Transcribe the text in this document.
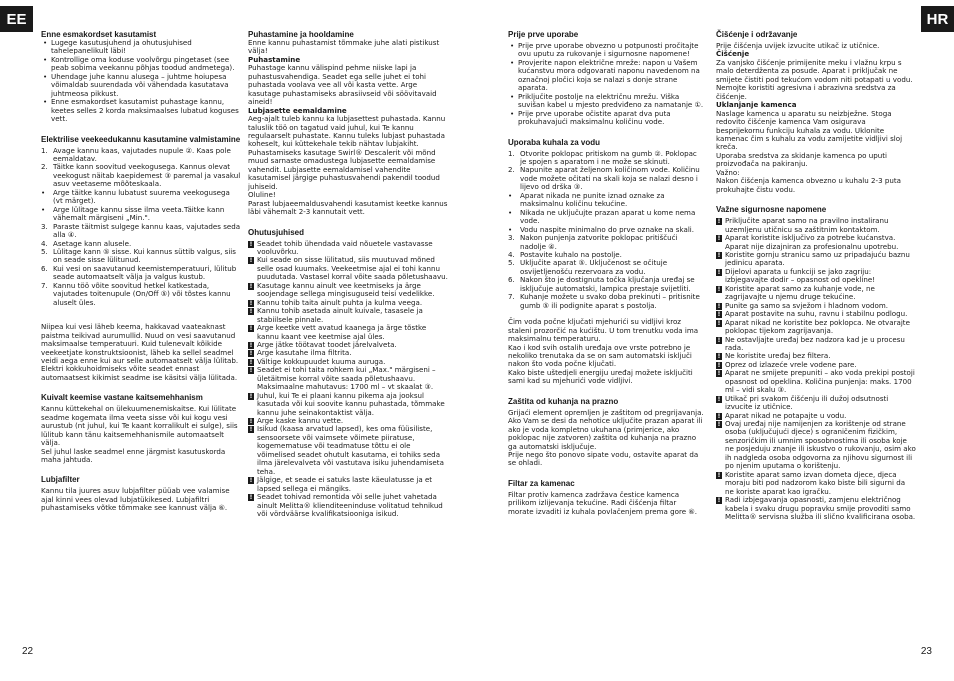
EE	HR
Enne esmakordset kasutamist
• Lugege kasutusjuhend ja ohutusjuhised tahelepanelikult läbi!
• Kontrollige oma koduse voolvõrgu pingetaset (see peab sobima veekannu põhjas toodud andmetega).
• Uhendage juhe kannu alusega – juhtme hoiupesa võimaldab suurendada või vähendada kasutatava juhtmeosa pikkust.
• Enne esmakordset kasutamist puhastage kannu, keetes selles 2 korda maksimaalses lubatud koguses vett.
Elektrilise veekeedukannu kasutamine valmistamine
1. Avage kannu kaas, vajutades nupule ②. Kaas pole eemaldatav.
2. Täitke kann soovitud veekogusega. Kannus olevat veekogust näitab kaepidemest ③ paremal ja vasakul asuv veetaseme mõõteskaala.
• Arge täitke kannu lubatust suurema veekogusega (vt märget).
• Arge lülitage kannu sisse ilma veeta.Täitke kann vähemalt märgiseni „Min.".
3. Paraste täitmist sulgege kannu kaas, vajutades seda alla ④.
4. Asetage kann alusele.
5. Lülitage kann ⑤ sisse. Kui kannus süttib valgus, siis on seade sisse lülitunud.
6. Kui vesi on saavutanud keemistemperatuuri, lülitub seade automaatselt välja ja valgus kustub.
7. Kannu töö võite soovitud hetkel katkestada, vajutades toitenupule (On/Off ⑤) või tõstes kannu aluselt üles.

Niipea kui vesi lähеb keema, hakkavad vaateaknast paistma teikivad aurumullid. Nuud on vesi saavutanud maksimaalse temperatuuri. Kuid tulenevalt kõikide veekeetjate konstruktsioonist, lähеb ka sellel seadmel veidi aega enne kui aur selle automaatselt välja lülitab. Elektri kokkuhoidmiseks võite seadet ennast automaatsest kikimist seadme ise käsitsi välja lülitada.

Kuivalt keemise vastane kaitsemehhanism

Kannu küttekehal on ülekuumenemiskaitse. Kui lülitate seadme kogemata ilma veeta sisse või kui kogu vesi aurustub (nt juhul, kui Te kaant korralikult ei sulge), siis lülitub kann tänu kaitsemehhanismile automaatselt välja.

Sel juhul laske seadmel enne järgmist kasutuskorda maha jahtuda.

Lubjafilter

Kannu tila juures asuv lubjafilter püüab vee valamise ajal kinni vees olevad lubjatükikesed. Lubjafiltri puhastamiseks võtke tõmmake see kannust välja ⑥.

Puhastamine ja hooldamine

Enne kannu puhastamist tõmmake juhe alati pistikust välja!

Puhastamine

Puhastage kannu välispind pehme niiske lapi ja puhastusvahendiga. Seadet ega selle juhet ei tohi puhastada voolava vee all või kasta vette. Arge kasutage puhastamiseks abrasiivseid või söövitavaid aineid!

Lubjasette eemaldamine

Aeg-ajalt tuleb kannu ka lubjasettest puhastada. Kannu taluslik töö on tagatud vaid juhul, kui Te kannu regulaarselt puhastate. Kannu tuleks lubjast puhastada koheselt, kui küttekehale tekib nähtav lubjakiht. Puhastamiseks kasutage Swirl® Descalerit või mõnd muud sarnaste omadustega lubjasette eemaldamise vahendit. Lubjasette eemaldamisel vahendite kasutamisel järgige puhastusvahendi pakendil toodud juhiseid.

Oluline!

Parast lubjaeemaldusvahendi kasutamist keetke kannus läbi vähemalt 2-3 kannutait vett.

Ohutusjuhised
! Seadet tohib ühendada vaid nõuetele vastavasse vooluvõrku.
! Kui seade on sisse lülitatud, siis muutuvad mõned selle osad kuumaks. Veekeetmise ajal ei tohi kannu puudutada. Vastasel korral võite saada põletushaavu.
! Kasutage kannu ainult vee keetmiseks ja ärge soojendage sellega mingisuguseid teisi vedelikke.
! Kannu tohib taita ainult puhta ja kulma veega.
! Kannu tohib asetada ainult kuivale, tasasele ja stabiilsele pinnale.
! Arge keetke vett avatud kaanega ja ärge tõstke kannu kaant vee keetmise ajal üles.
! Arge jätke töötavat toodet järelvalveta.
! Arge kasutahe ilma filtrita.
! Vältige kokkupuudet kuuma auruga.
! Seadet ei tohi taita rohkem kui „Max." märgiseni – ületäitmise korral võite saada põletushaavu. Maksimaalne mahutavus: 1700 ml – vt skaalat ③.
! Juhul, kui Te ei plaani kannu pikema aja jooksul kasutada või kui soovite kannu puhastada, tõmmake kannu juhe seinakontaktist välja.
! Arge kaske kannu vette.
! Isikud (kaasa arvatud lapsed), kes oma füüsiliste, sensoorsete või vaimsete võimete piiratuse, kogemematuse või teadmatuse tõttu ei ole võimelised seadet ohutult kasutama, ei tohiks seda ilma järelevalveta või vastutava isiku juhendamiseta teha.
! Jälgige, et seade ei satuks laste käeulatusse ja et lapsed sellega ei mängiks.
! Seadet tohivad remontida või selle juhet vahetada ainult Melitta® klienditeenindusе volitatud tehnikud või vördväärse kvalifikatsiooniga isikud.
Prije prve uporabe
• Prije prve uporabe obvezno u potpunosti pročitajte ovu uputu za rukovanje i sigurnosne napomene!
• Provjerite napon električne mreže: napon u Vašem kućanstvu mora odgovarati naponu navedenom na označnoj pločici koja se nalazi s donje strane aparata.
• Priključite postolje na električnu mrežu. Viška suvišan kabel u mjesto predviđeno za namatanje ①.
• Prije prve uporabe očistite aparat dva puta prokuhavajući maksimalnu količinu vode.
Uporaba kuhala za vodu
1. Otvorite poklopac pritiskom na gumb ②. Poklopac je spojen s aparatom i ne može se skinuti.
2. Napunite aparat željenom količinom vode. Količinu vode možete očitati na skali koja se nalazi desno i lijevo od drška ③.
• Aparat nikada ne punite iznad oznake za maksimalnu količinu tekućine.
• Nikada ne uključujte prazan aparat u kome nema vode.
• Vodu naspite minimalno do prve oznake na skali.
3. Nakon punjenja zatvorite poklopac pritiščući nadolje ④.
4. Postavite kuhalo na postolje.
5. Uključite aparat ⑤. Uključenost se očituje osvijetljenošću rezervoara za vodu.
6. Nakon što je dostignuta točka ključanja uređaj se isključuje automatski, lampica prestaje svijetliti.
7. Kuhanje možete u svako doba prekinuti – pritisnite gumb ⑤ ili podignite aparat s postolja.

Čim voda počne ključati mjehurići su vidljivi kroz staleni prozorčić na kućištu. U tom trenutku voda ima maksimalnu temperaturu.

Kao i kod svih ostalih uređaja ove vrste potrebno je nekoliko trenutaka da se on sam automatski isključi nakon što voda počne ključati.

Kako biste uštedjeli energiju uređaj možete isključiti sami kad su mjehurići vode vidljivi.

Zaštita od kuhanja na prazno

Grijaći element opremljen je zaštitom od pregrijavanja. Ako Vam se desi da nehotice uključite prazan aparat ili ako je voda kompletno ukuhana (primjerice, ako poklopac nije zatvoren) zaštita od kuhanja na prazno ga automatski isključuje.

Prije nego što ponovo sipate vodu, ostavite aparat da se ohladi.

Filtar za kamenac

Filtar protiv kamenca zadržava čestice kamenca prilikom izlijevanja tekućine. Radi čišćenja filtar morate izvaditi iz kuhala povlačenjem prema gore ⑥.

Čišćenje i održavanje

Prije čišćenja uvijek izvucite utikač iz utičnice.

Čišćenje

Za vanjsko čišćenje primijenite meku i vlažnu krpu s malo deterdženta za posude. Aparat i priključak ne smijete čistiti pod tekućom vodom niti potapati u vodu. Nemojte koristiti agresivna i abrazivna sredstva za čišćenje.

Uklanjanje kamenca

Naslage kamenca u aparatu su neizbježne. Stoga redovito čišćenje kamenca Vam osigurava besprijekornu funkciju kuhala za vodu. Uklonite kamenac čim s kuhalu za vodu zamijetite vidljivi sloj kreča.

Uporaba sredstva za skidanje kamenca po uputi proizvođača na pakiranju.

Važno:

Nakon čišćenja kamenca obvezno u kuhalu 2-3 puta prokuhajte čistu vodu.

Važne sigurnosne napomene
! Priključite aparat samo na pravilno instaliranu uzemljenu utičnicu sa zaštitnim kontaktom.
! Aparat koristite isključivo za potrebe kućanstva. Aparat nije dizajniran za profesionalnu upotrebu.
! Koristite gornju stranicu samo uz pripadajuću baznu jedinicu aparata.
! Dijelovi aparata u funkciji se jako zagriju: izbjegavajte dodir – opasnost od opekline!
! Koristite aparat samo za kuhanje vode, ne zagrijavajte u njemu druge tekućine.
! Punite ga samo sa svježom i hladnom vodom.
! Aparat postavite na suhu, ravnu i stabilnu podlogu.
! Aparat nikad ne koristite bez poklopca. Ne otvarajte poklopac tijekom zagrijavanja.
! Ne ostavljajte uređaj bez nadzora kad je u procesu rada.
! Ne koristite uređaj bez filtera.
! Oprez od izlazeće vrele vodene pare.
! Aparat ne smijete prepuniti – ako voda prekipi postoji opasnost od opeklina. Količina punjenja: maks. 1700 ml – vidi skalu ③.
! Utikač pri svakom čišćenju ili dužoj odsutnosti izvucite iz utičnice.
! Aparat nikad ne potapajte u vodu.
! Ovaj uređaj nije namijenjen za korištenje od strane osoba (uključujući djece) s ograničenim fizičkim, senzoričkim ili umnim sposobnostima ili osoba koje ne posjeduju znanje ili iskustvo o rukovanju, osim ako ih nadgleda osoba odgovorna za njihovu sigurnost ili po njenim uputama o korištenju.
! Koristite aparat samo izvan dometa djece, djeca moraju biti pod nadzorom kako biste bili sigurni da ne koriste aparat kao igračku.
! Radi izbjegavanja opasnosti, zamjenu električnog kabela i svaku drugu popravku smije provoditi samo Melitta® servisna služba ili slično kvalificirana osoba.
22	23
